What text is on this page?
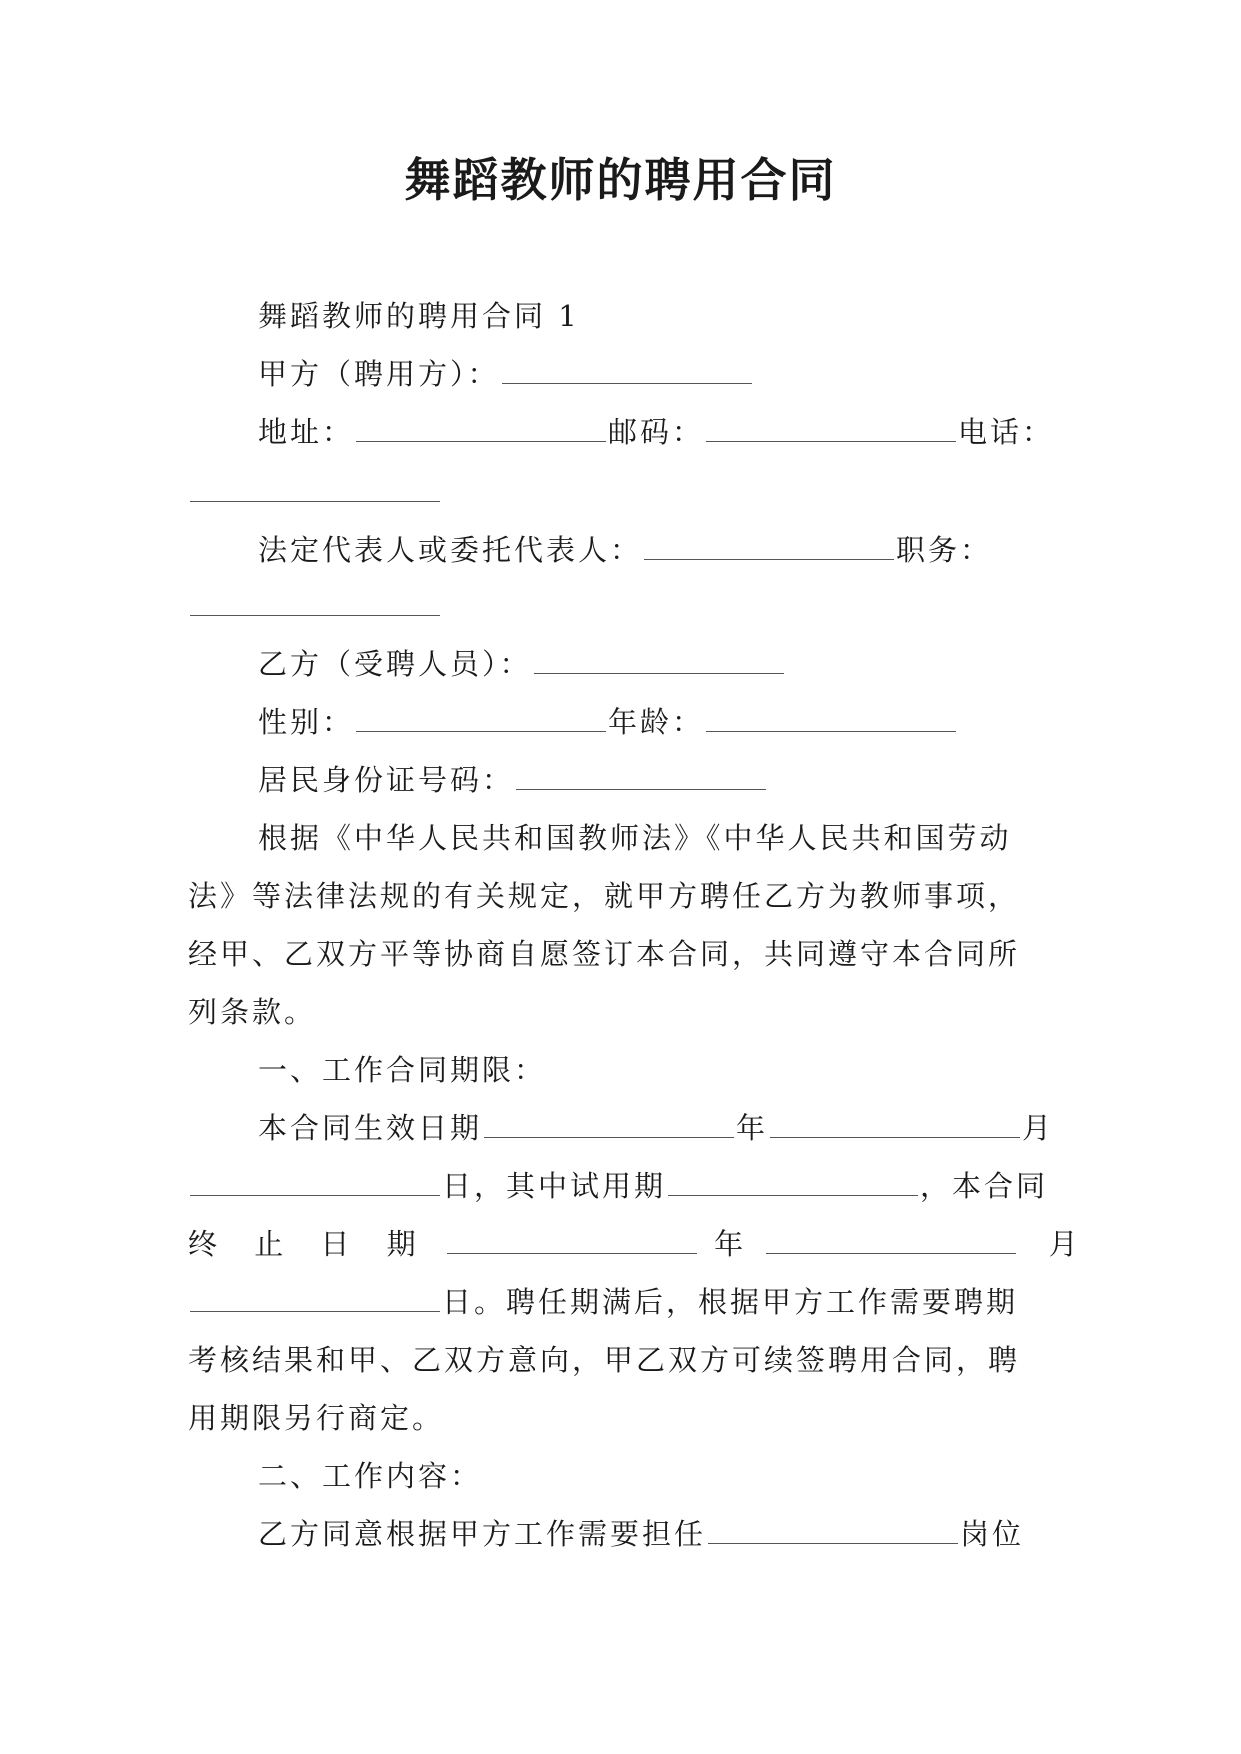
舞蹈教师的聘用合同
舞蹈教师的聘用合同 1
甲方（聘用方）：
地址：	邮码：	电话：
法定代表人或委托代表人：	职务：
乙方（受聘人员）：
性别：	年龄：
居民身份证号码：
根据《中华人民共和国教师法》《中华人民共和国劳动
法》等法律法规的有关规定，就甲方聘任乙方为教师事项，
经甲、乙双方平等协商自愿签订本合同，共同遵守本合同所
列条款。
一、工作合同期限：
本合同生效日期	年	月
日，其中试用期	，本合同
终 止 日 期	年	月
日。聘任期满后，根据甲方工作需要聘期
考核结果和甲、乙双方意向，甲乙双方可续签聘用合同，聘
用期限另行商定。
二、工作内容：
乙方同意根据甲方工作需要担任	岗位
